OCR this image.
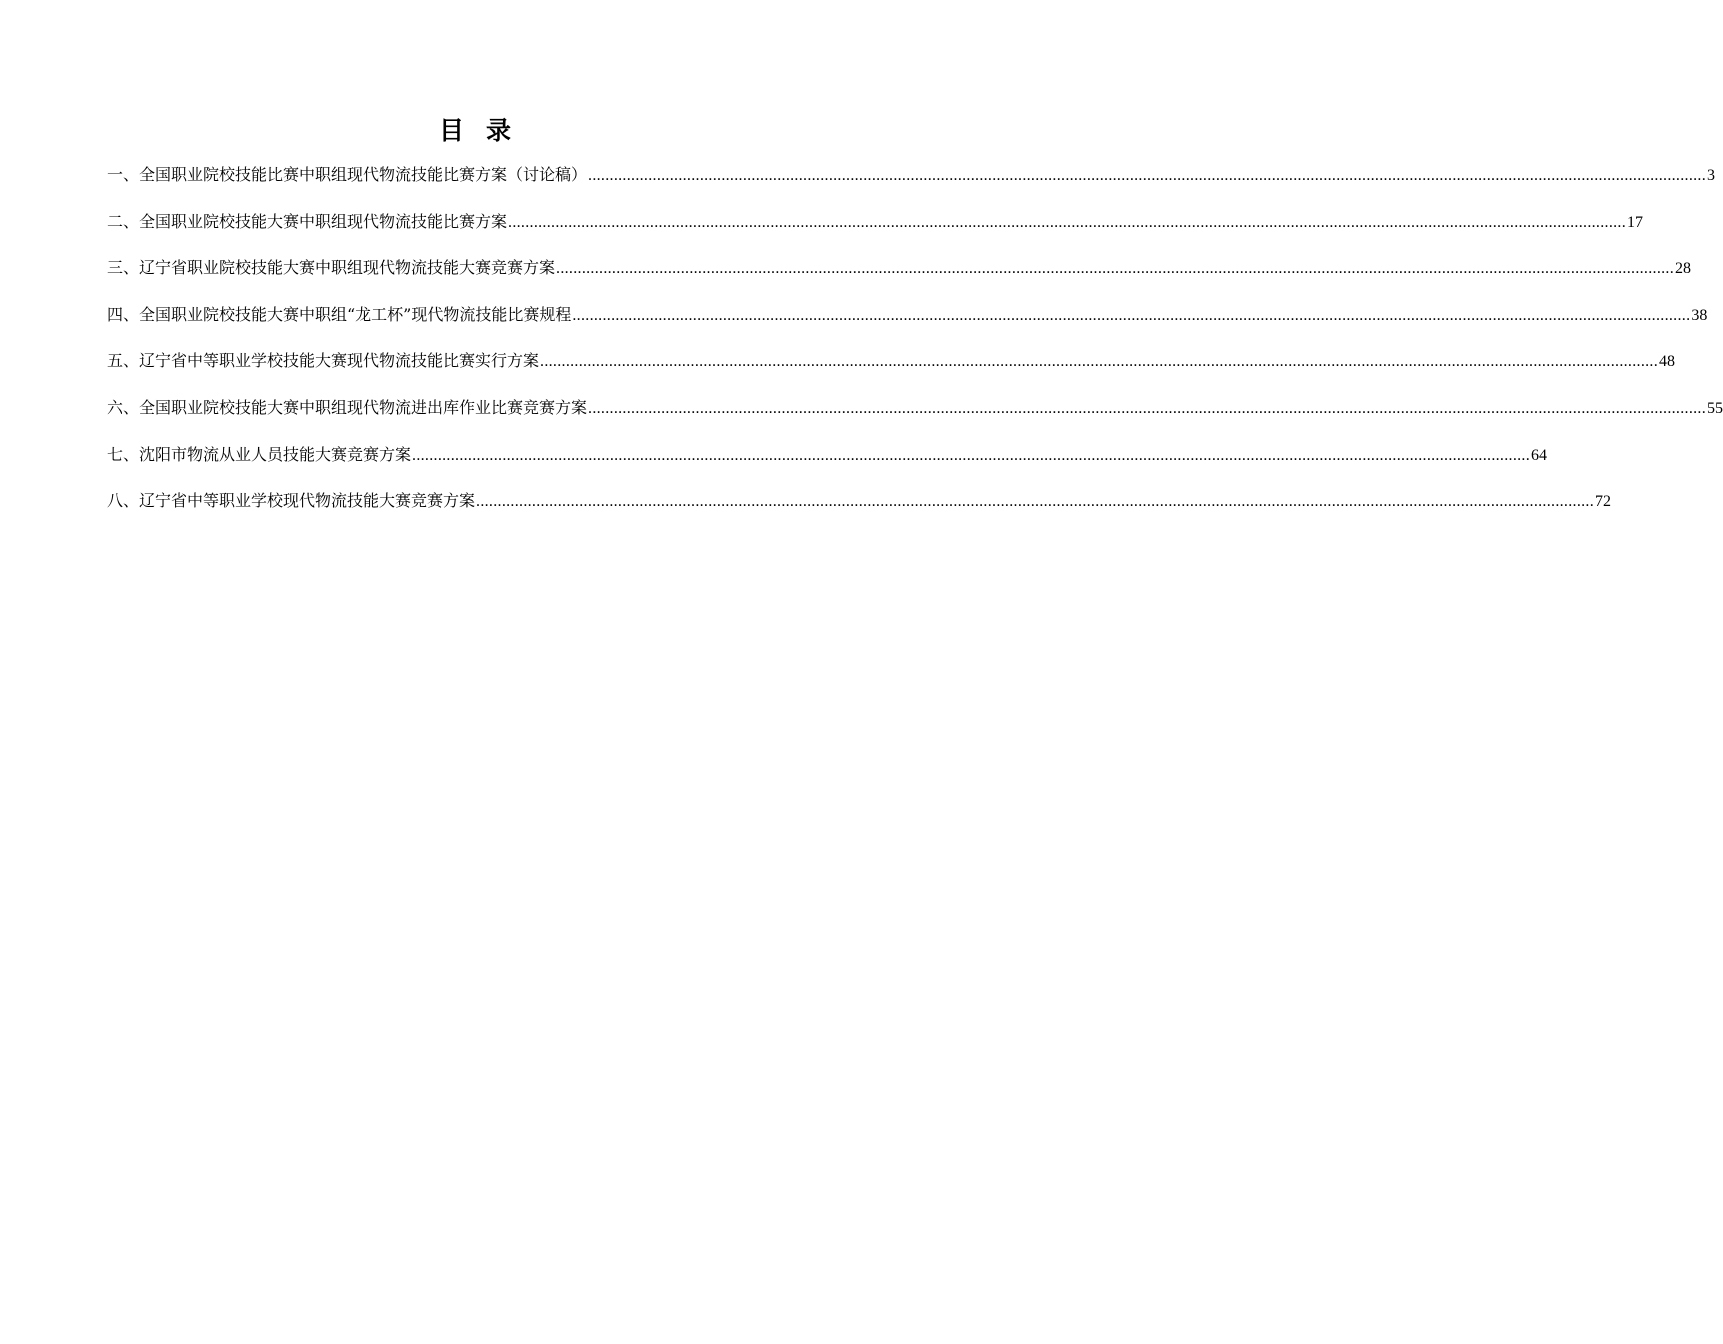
目录
一、全国职业院校技能比赛中职组现代物流技能比赛方案（讨论稿） .................................................................................................................................................................................................................................................................... 3
二、全国职业院校技能大赛中职组现代物流技能比赛方案 .................................................................................................................................................................................................................................................................... 17
三、辽宁省职业院校技能大赛中职组现代物流技能大赛竞赛方案 .................................................................................................................................................................................................................................................................... 28
四、全国职业院校技能大赛中职组“龙工杯”现代物流技能比赛规程 .................................................................................................................................................................................................................................................................... 38
五、辽宁省中等职业学校技能大赛现代物流技能比赛实行方案 .................................................................................................................................................................................................................................................................... 48
六、全国职业院校技能大赛中职组现代物流进出库作业比赛竞赛方案 .................................................................................................................................................................................................................................................................... 55
七、沈阳市物流从业人员技能大赛竞赛方案 .................................................................................................................................................................................................................................................................... 64
八、辽宁省中等职业学校现代物流技能大赛竞赛方案 .................................................................................................................................................................................................................................................................... 72
